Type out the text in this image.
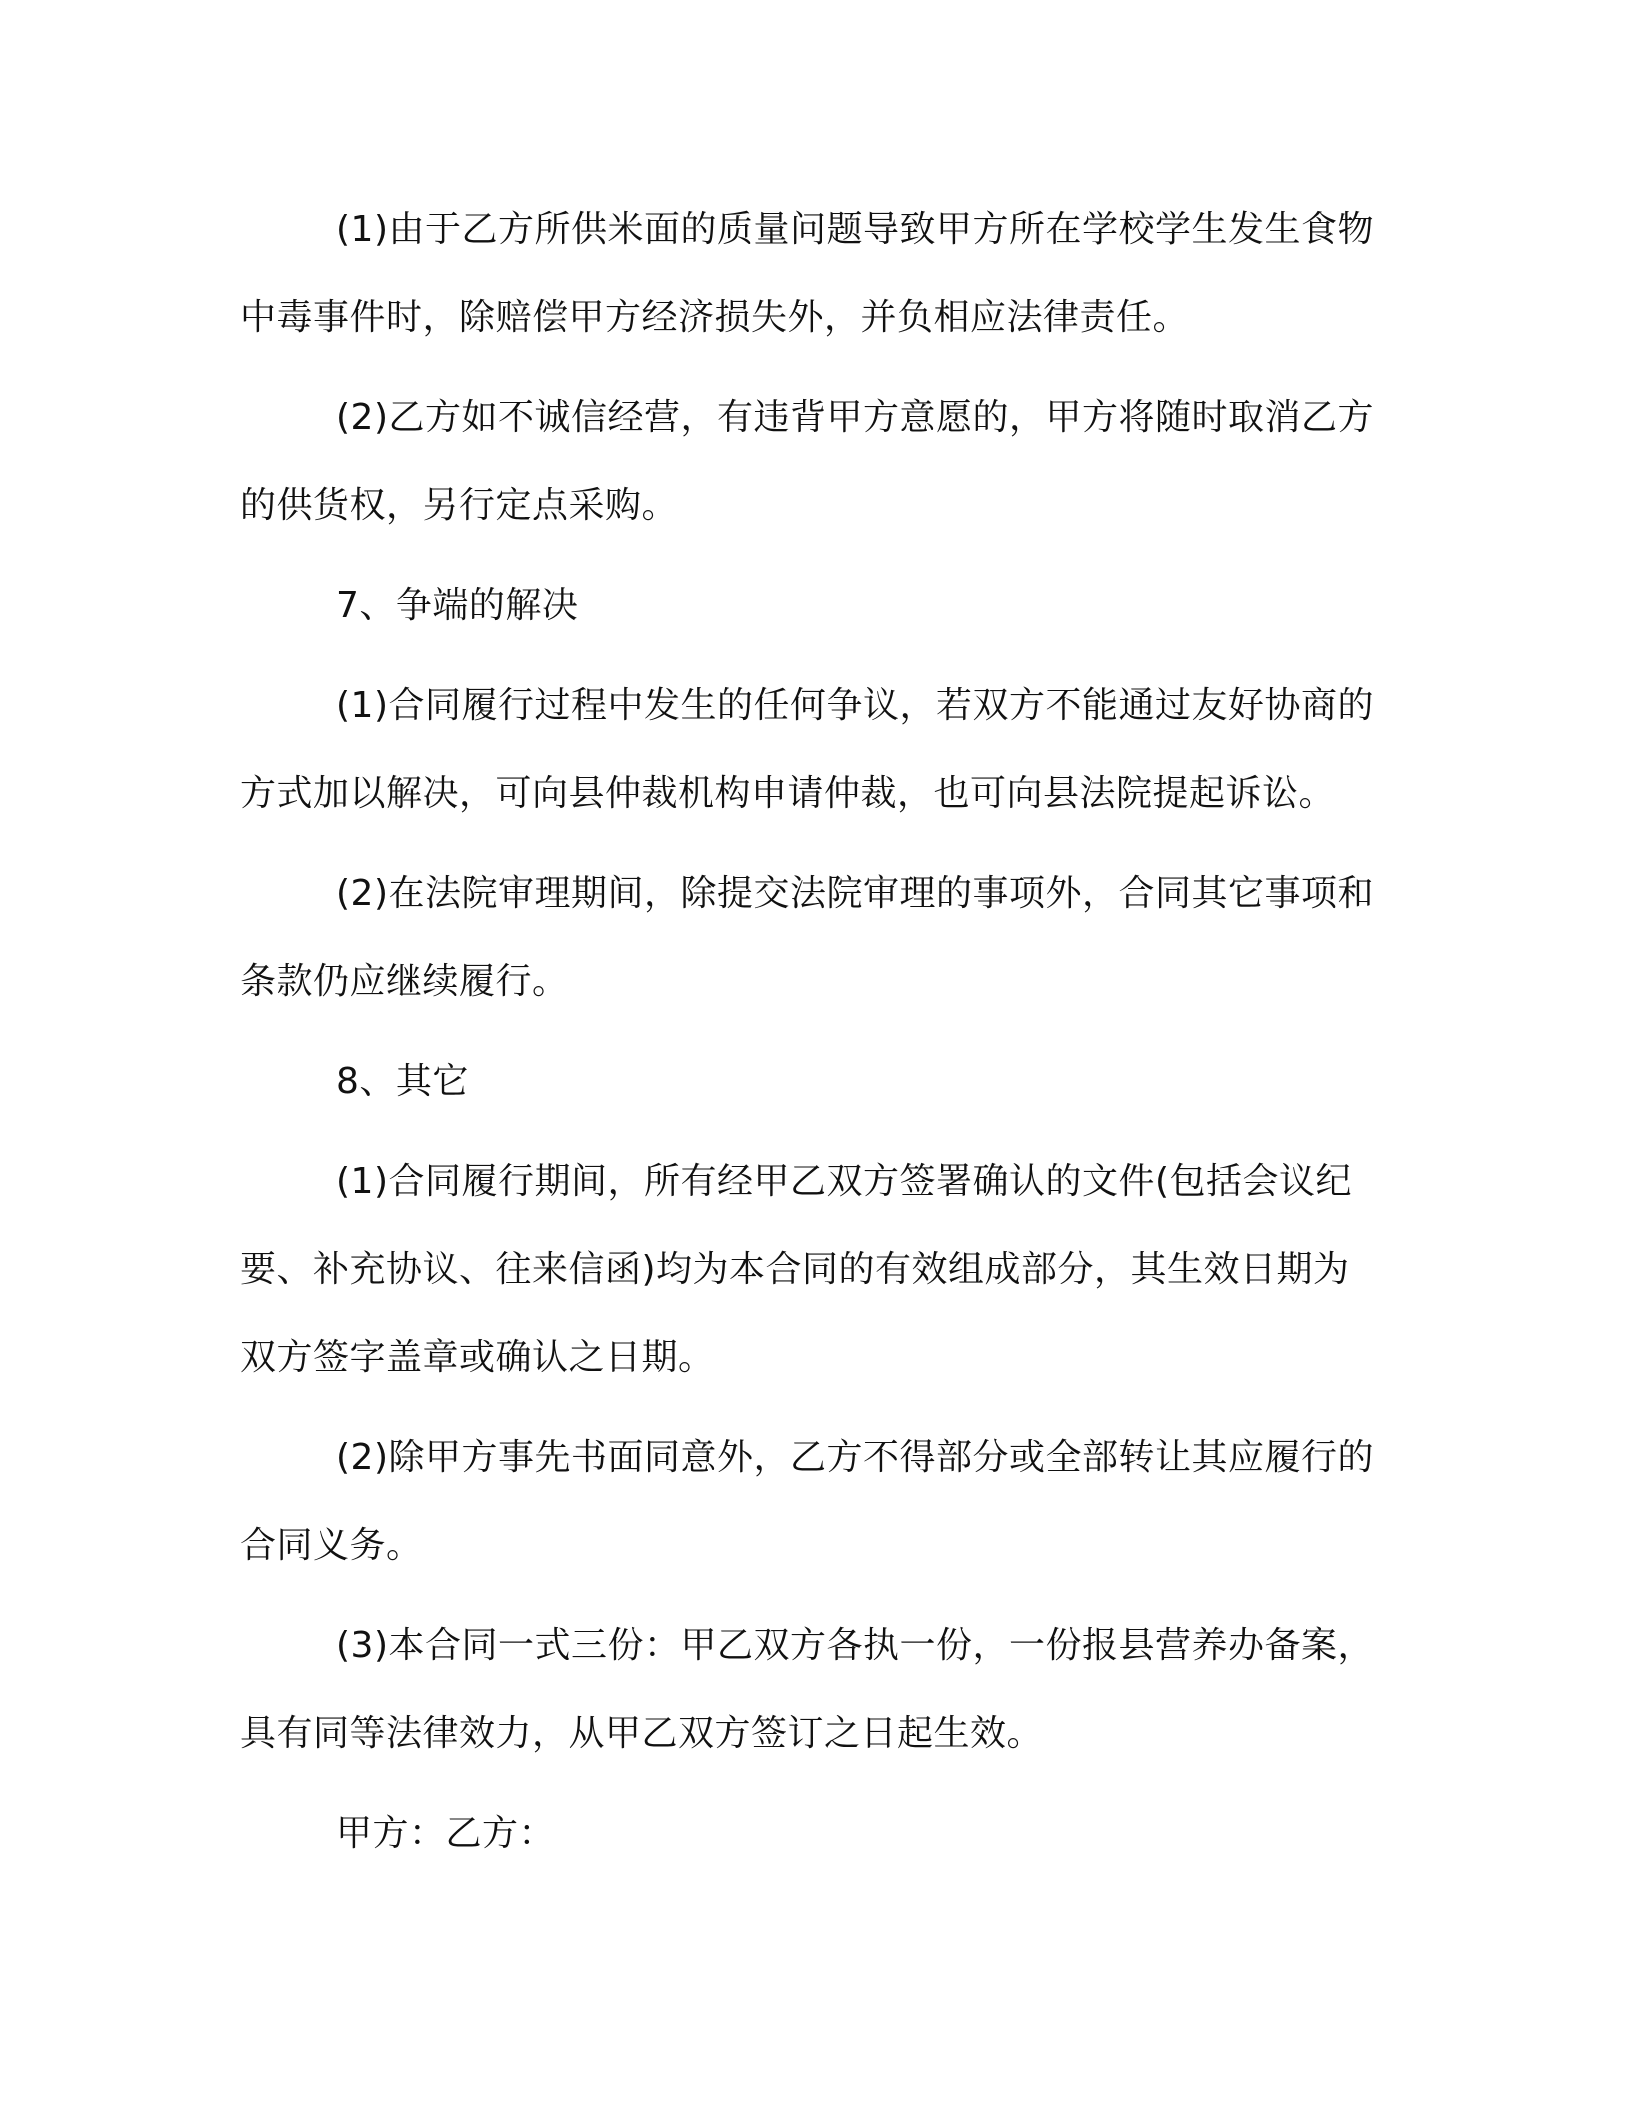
(1)由于乙方所供米面的质量问题导致甲方所在学校学生发生食物中毒事件时，除赔偿甲方经济损失外，并负相应法律责任。

(2)乙方如不诚信经营，有违背甲方意愿的，甲方将随时取消乙方的供货权，另行定点采购。

7、争端的解决

(1)合同履行过程中发生的任何争议，若双方不能通过友好协商的方式加以解决，可向县仲裁机构申请仲裁，也可向县法院提起诉讼。

(2)在法院审理期间，除提交法院审理的事项外，合同其它事项和条款仍应继续履行。

8、其它

(1)合同履行期间，所有经甲乙双方签署确认的文件(包括会议纪要、补充协议、往来信函)均为本合同的有效组成部分，其生效日期为双方签字盖章或确认之日期。

(2)除甲方事先书面同意外，乙方不得部分或全部转让其应履行的合同义务。

(3)本合同一式三份：甲乙双方各执一份，一份报县营养办备案，具有同等法律效力，从甲乙双方签订之日起生效。

甲方：乙方：
